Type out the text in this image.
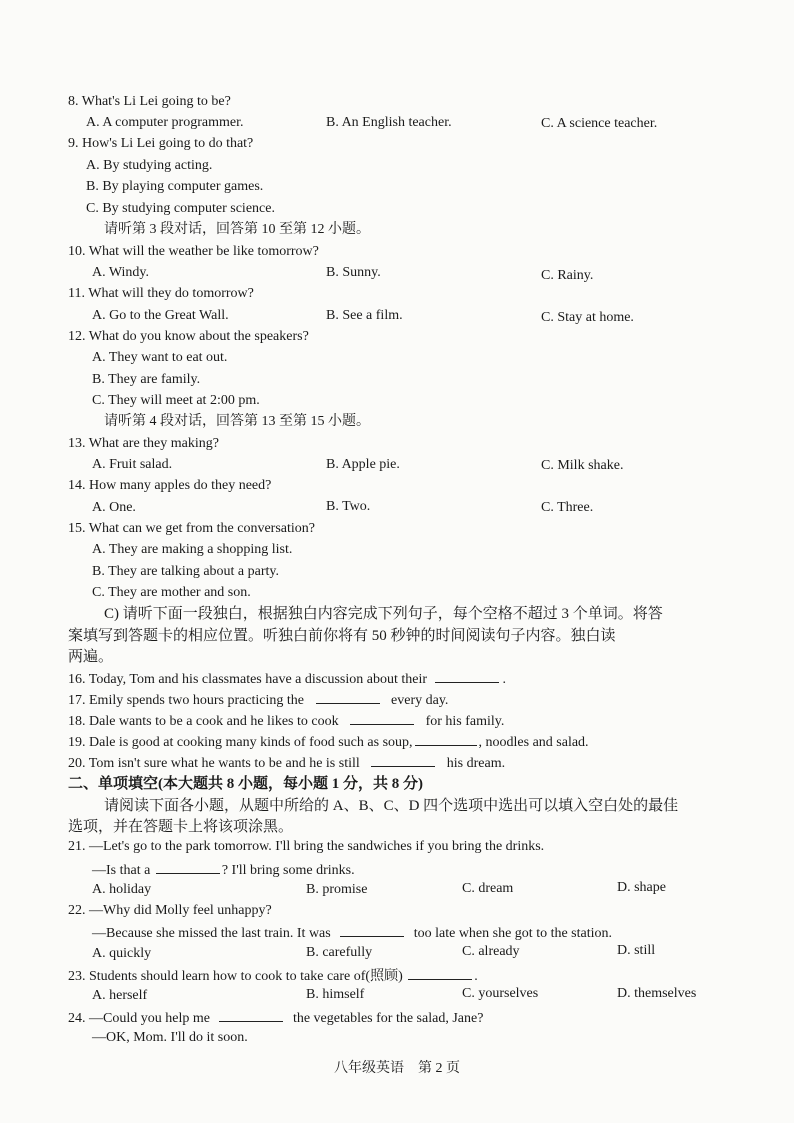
8. What's Li Lei going to be?
A. A computer programmer.	B. An English teacher.	C. A science teacher.
9. How's Li Lei going to do that?
A. By studying acting.
B. By playing computer games.
C. By studying computer science.
请听第 3 段对话，回答第 10 至第 12 小题。
10. What will the weather be like tomorrow?
A. Windy.	B. Sunny.	C. Rainy.
11. What will they do tomorrow?
A. Go to the Great Wall.	B. See a film.	C. Stay at home.
12. What do you know about the speakers?
A. They want to eat out.
B. They are family.
C. They will meet at 2:00 pm.
请听第 4 段对话，回答第 13 至第 15 小题。
13. What are they making?
A. Fruit salad.	B. Apple pie.	C. Milk shake.
14. How many apples do they need?
A. One.	B. Two.	C. Three.
15. What can we get from the conversation?
A. They are making a shopping list.
B. They are talking about a party.
C. They are mother and son.
C) 请听下面一段独白，根据独白内容完成下列句子，每个空格不超过 3 个单词。将答
案填写到答题卡的相应位置。听独白前你将有 50 秒钟的时间阅读句子内容。独白读
两遍。
16. Today, Tom and his classmates have a discussion about their	.
17. Emily spends two hours practicing the	every day.
18. Dale wants to be a cook and he likes to cook	for his family.
19. Dale is good at cooking many kinds of food such as soup,	, noodles and salad.
20. Tom isn't sure what he wants to be and he is still	his dream.
二、单项填空(本大题共 8 小题，每小题 1 分，共 8 分)
请阅读下面各小题，从题中所给的 A、B、C、D 四个选项中选出可以填入空白处的最佳
选项，并在答题卡上将该项涂黑。
21. —Let's go to the park tomorrow. I'll bring the sandwiches if you bring the drinks.
—Is that a	? I'll bring some drinks.
A. holiday	B. promise	C. dream	D. shape
22. —Why did Molly feel unhappy?
—Because she missed the last train. It was	too late when she got to the station.
A. quickly	B. carefully	C. already	D. still
23. Students should learn how to cook to take care of(照顾)	.
A. herself	B. himself	C. yourselves	D. themselves
24. —Could you help me	the vegetables for the salad, Jane?
—OK, Mom. I'll do it soon.
八年级英语　第 2 页
